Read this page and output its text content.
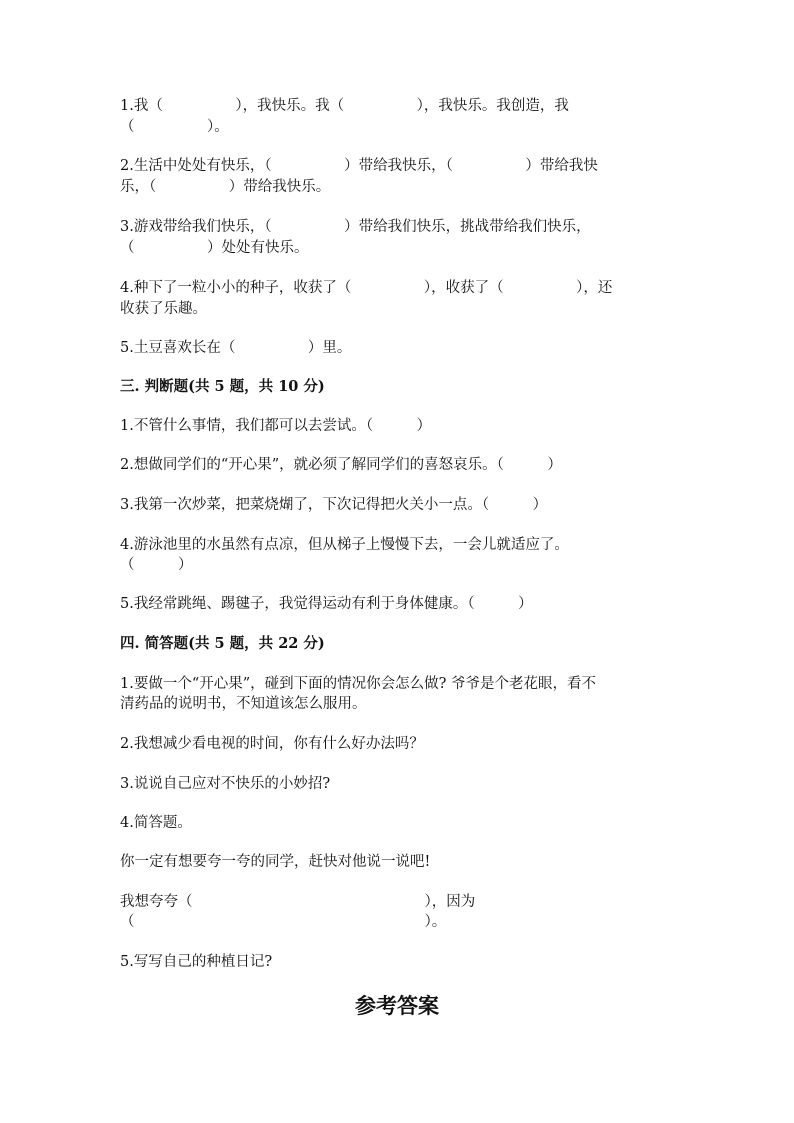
1.我（　　　　　），我快乐。我（　　　　　），我快乐。我创造，我
（　　　　　）。
2.生活中处处有快乐，（　　　　　）带给我快乐，（　　　　　）带给我快
乐，（　　　　　）带给我快乐。
3.游戏带给我们快乐，（　　　　　）带给我们快乐，挑战带给我们快乐，
（　　　　　）处处有快乐。
4.种下了一粒小小的种子，收获了（　　　　　），收获了（　　　　　），还
收获了乐趣。
5.土豆喜欢长在（　　　　　）里。
三. 判断题(共 5 题，共 10 分)
1.不管什么事情，我们都可以去尝试。（　　　）
2.想做同学们的“开心果”，就必须了解同学们的喜怒哀乐。（　　　）
3.我第一次炒菜，把菜烧煳了，下次记得把火关小一点。（　　　）
4.游泳池里的水虽然有点凉，但从梯子上慢慢下去，一会儿就适应了。
（　　　）
5.我经常跳绳、踢毽子，我觉得运动有利于身体健康。（　　　）
四. 简答题(共 5 题，共 22 分)
1.要做一个“开心果”，碰到下面的情况你会怎么做? 爷爷是个老花眼，看不
清药品的说明书，不知道该怎么服用。
2.我想减少看电视的时间，你有什么好办法吗？
3.说说自己应对不快乐的小妙招?
4.简答题。
你一定有想要夸一夸的同学，赶快对他说一说吧!
我想夸夸（　　　　　　　　　　　　　　　　），因为
（　　　　　　　　　　　　　　　　　　　　）。
5.写写自己的种植日记?
参考答案
